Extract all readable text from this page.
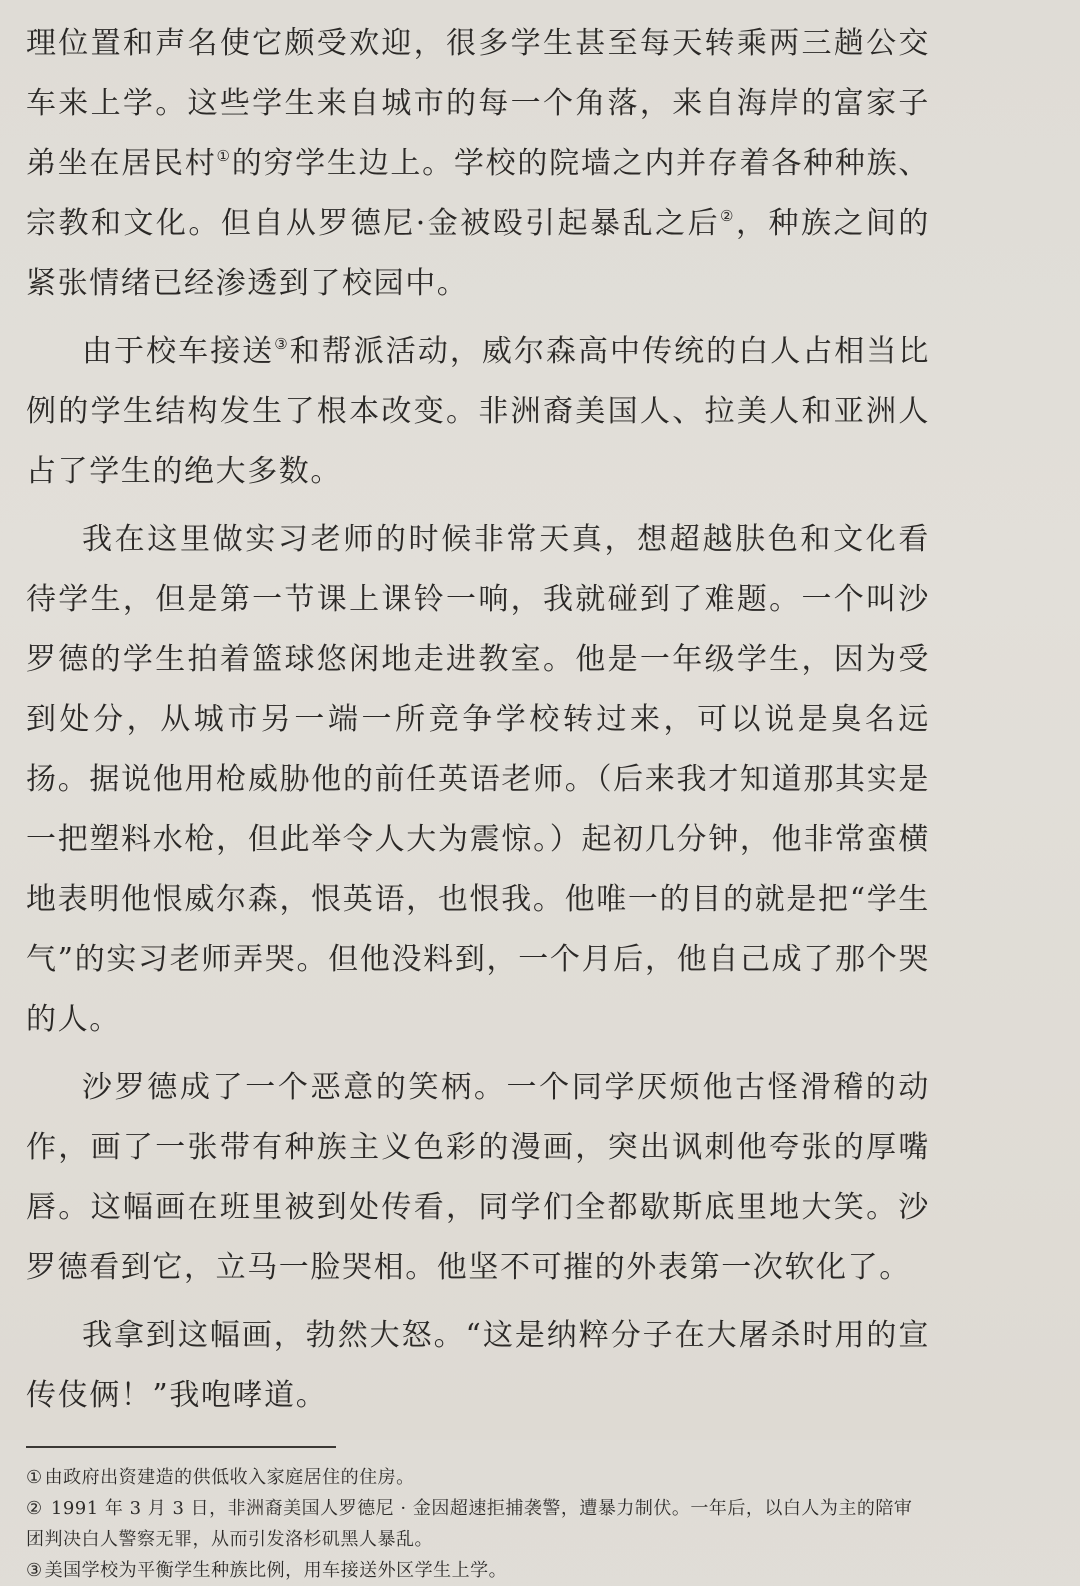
理位置和声名使它颇受欢迎，很多学生甚至每天转乘两三趟公交车来上学。这些学生来自城市的每一个角落，来自海岸的富家子弟坐在居民村①的穷学生边上。学校的院墙之内并存着各种种族、宗教和文化。但自从罗德尼·金被殴引起暴乱之后②，种族之间的紧张情绪已经渗透到了校园中。

由于校车接送③和帮派活动，威尔森高中传统的白人占相当比例的学生结构发生了根本改变。非洲裔美国人、拉美人和亚洲人占了学生的绝大多数。

我在这里做实习老师的时候非常天真，想超越肤色和文化看待学生，但是第一节课上课铃一响，我就碰到了难题。一个叫沙罗德的学生拍着篮球悠闲地走进教室。他是一年级学生，因为受到处分，从城市另一端一所竞争学校转过来，可以说是臭名远扬。据说他用枪威胁他的前任英语老师。（后来我才知道那其实是一把塑料水枪，但此举令人大为震惊。）起初几分钟，他非常蛮横地表明他恨威尔森，恨英语，也恨我。他唯一的目的就是把“学生气”的实习老师弄哭。但他没料到，一个月后，他自己成了那个哭的人。

沙罗德成了一个恶意的笑柄。一个同学厌烦他古怪滑稽的动作，画了一张带有种族主义色彩的漫画，突出讽刺他夸张的厚嘴唇。这幅画在班里被到处传看，同学们全都歇斯底里地大笑。沙罗德看到它，立马一脸哭相。他坚不可摧的外表第一次软化了。

我拿到这幅画，勃然大怒。“这是纳粹分子在大屠杀时用的宣传伎俩！”我咆哮道。

① 由政府出资建造的供低收入家庭居住的住房。

② 1991 年 3 月 3 日，非洲裔美国人罗德尼 · 金因超速拒捕袭警，遭暴力制伏。一年后，以白人为主的陪审团判决白人警察无罪，从而引发洛杉矶黑人暴乱。

③ 美国学校为平衡学生种族比例，用车接送外区学生上学。
